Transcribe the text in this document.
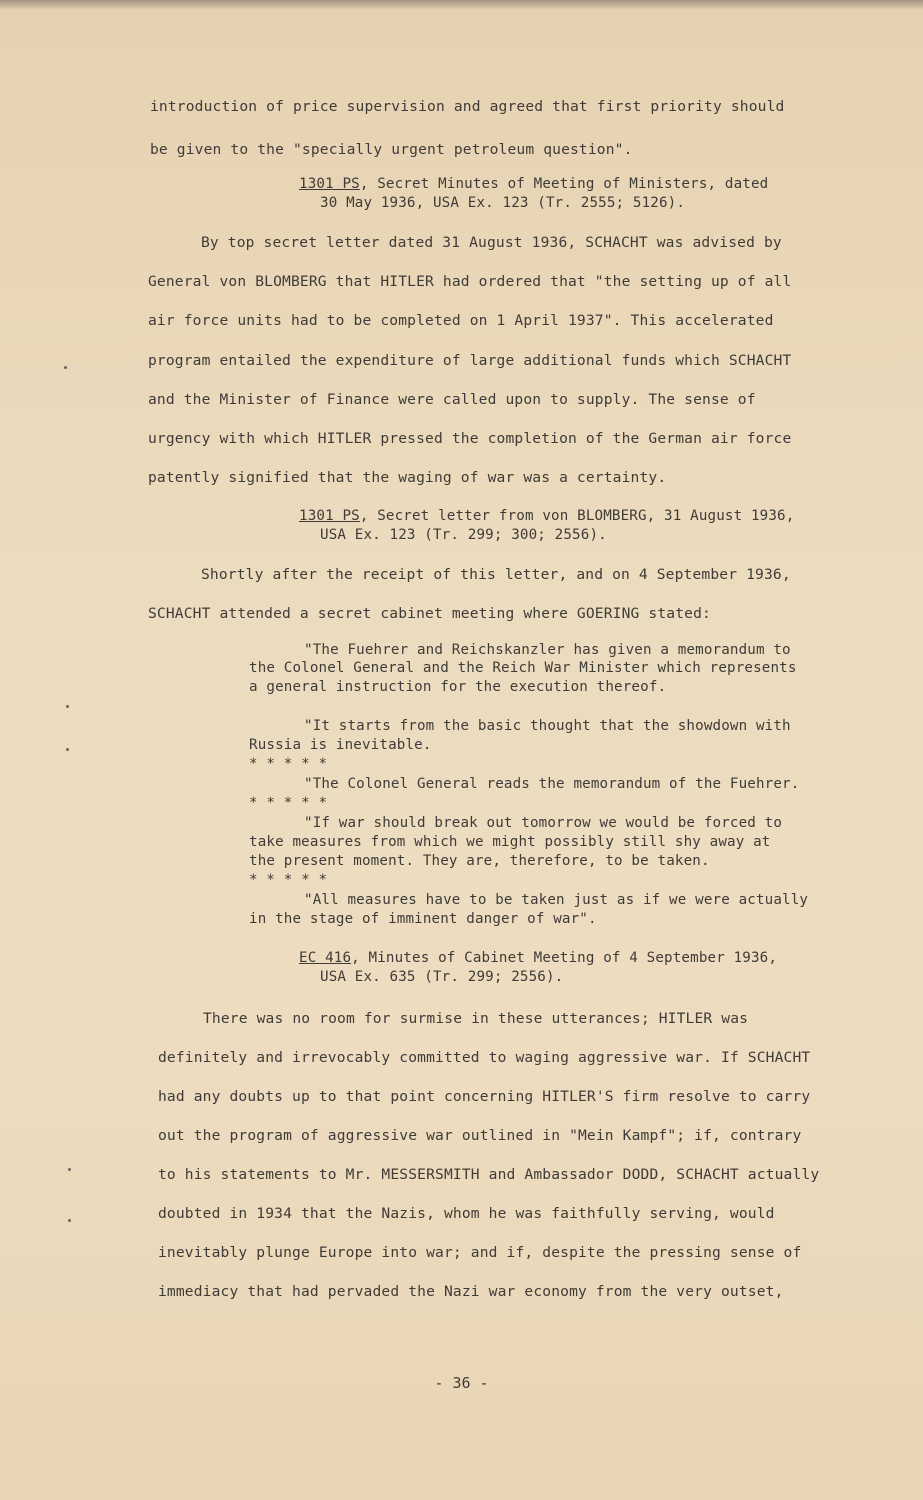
introduction of price supervision and agreed that first priority should
be given to the "specially urgent petroleum question".
1301 PS, Secret Minutes of Meeting of Ministers, dated
30 May 1936, USA Ex. 123 (Tr. 2555; 5126).
By top secret letter dated 31 August 1936, SCHACHT was advised by
General von BLOMBERG that HITLER had ordered that "the setting up of all
air force units had to be completed on 1 April 1937". This accelerated
program entailed the expenditure of large additional funds which SCHACHT
and the Minister of Finance were called upon to supply. The sense of
urgency with which HITLER pressed the completion of the German air force
patently signified that the waging of war was a certainty.
1301 PS, Secret letter from von BLOMBERG, 31 August 1936,
USA Ex. 123 (Tr. 299; 300; 2556).
Shortly after the receipt of this letter, and on 4 September 1936,
SCHACHT attended a secret cabinet meeting where GOERING stated:
"The Fuehrer and Reichskanzler has given a memorandum to
the Colonel General and the Reich War Minister which represents
a general instruction for the execution thereof.
"It starts from the basic thought that the showdown with
Russia is inevitable.
* * * * *
"The Colonel General reads the memorandum of the Fuehrer.
* * * * *
"If war should break out tomorrow we would be forced to
take measures from which we might possibly still shy away at
the present moment. They are, therefore, to be taken.
* * * * *
"All measures have to be taken just as if we were actually
in the stage of imminent danger of war".
EC 416, Minutes of Cabinet Meeting of 4 September 1936,
USA Ex. 635 (Tr. 299; 2556).
There was no room for surmise in these utterances; HITLER was
definitely and irrevocably committed to waging aggressive war. If SCHACHT
had any doubts up to that point concerning HITLER'S firm resolve to carry
out the program of aggressive war outlined in "Mein Kampf"; if, contrary
to his statements to Mr. MESSERSMITH and Ambassador DODD, SCHACHT actually
doubted in 1934 that the Nazis, whom he was faithfully serving, would
inevitably plunge Europe into war; and if, despite the pressing sense of
immediacy that had pervaded the Nazi war economy from the very outset,
- 36 -
